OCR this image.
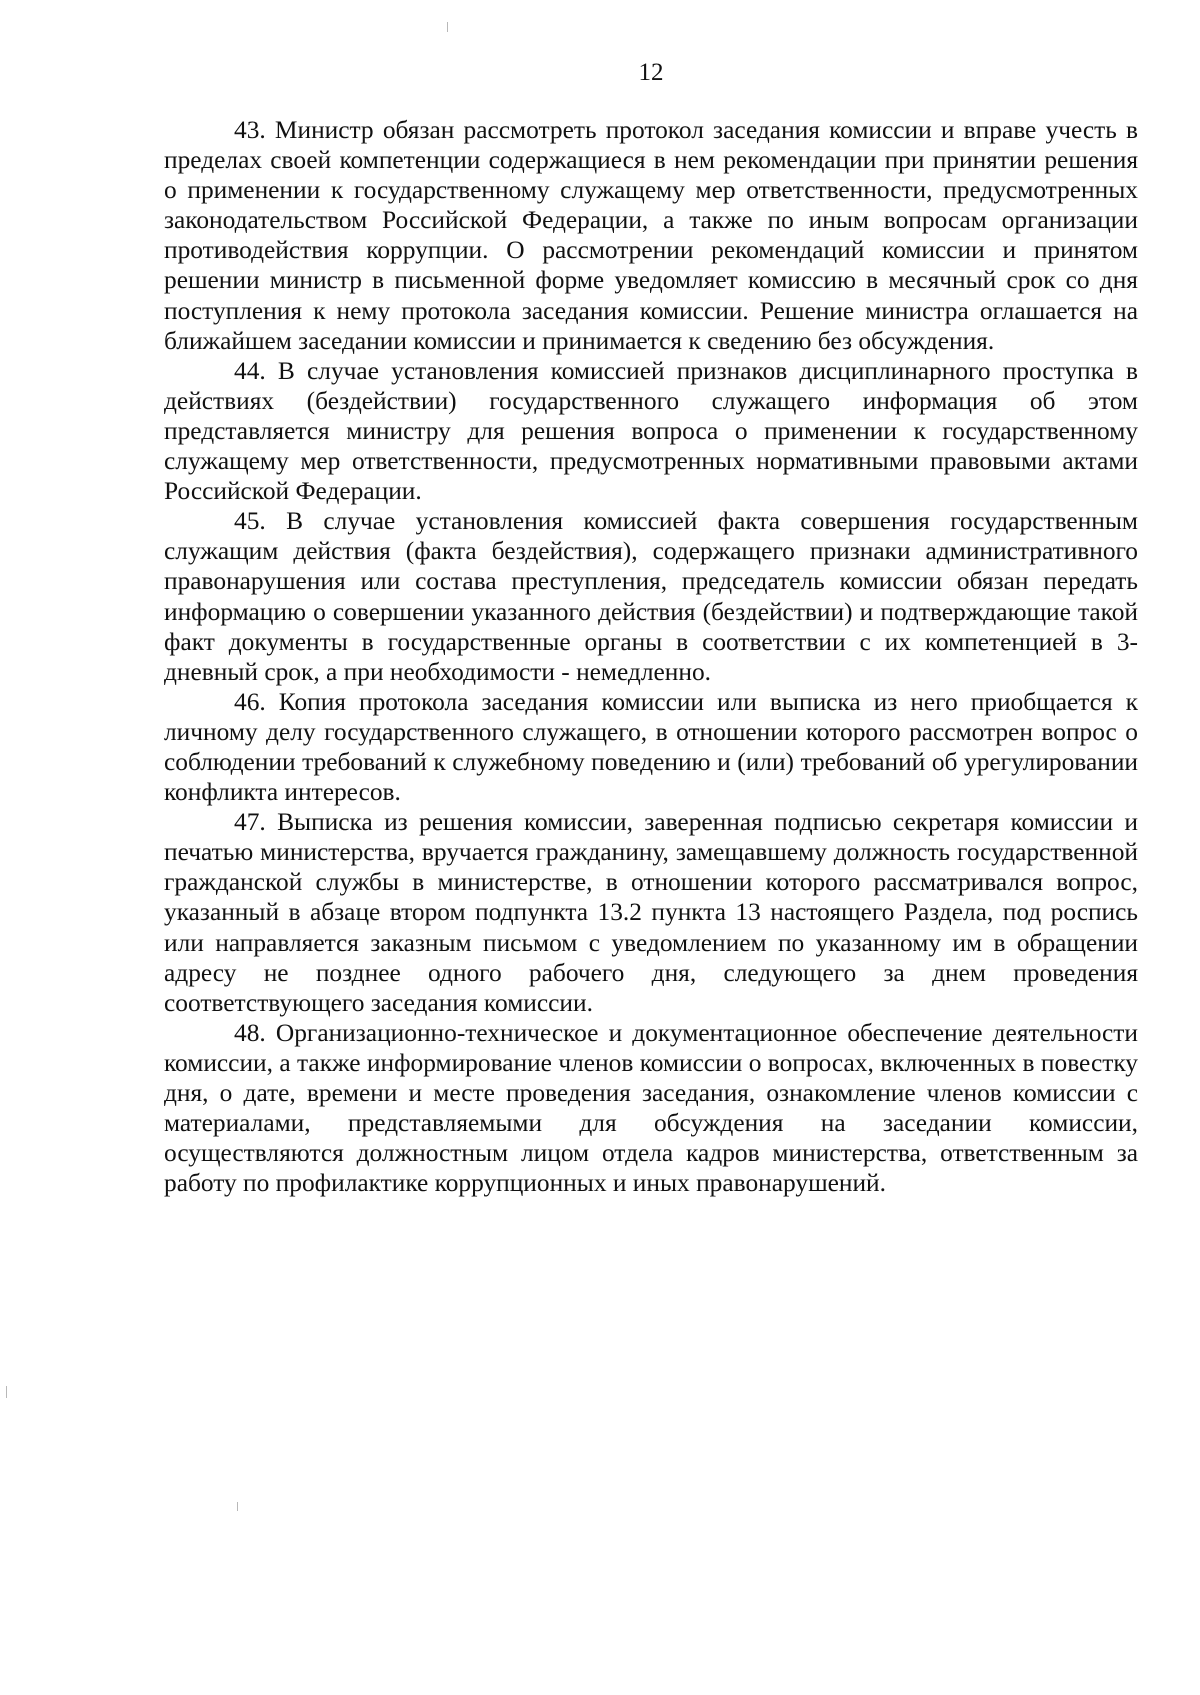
12

43. Министр обязан рассмотреть протокол заседания комиссии и вправе учесть в пределах своей компетенции содержащиеся в нем рекомендации при принятии решения о применении к государственному служащему мер ответственности, предусмотренных законодательством Российской Федерации, а также по иным вопросам организации противодействия коррупции. О рассмотрении рекомендаций комиссии и принятом решении министр в письменной форме уведомляет комиссию в месячный срок со дня поступления к нему протокола заседания комиссии. Решение министра оглашается на ближайшем заседании комиссии и принимается к сведению без обсуждения.

44. В случае установления комиссией признаков дисциплинарного проступка в действиях (бездействии) государственного служащего информация об этом представляется министру для решения вопроса о применении к государственному служащему мер ответственности, предусмотренных нормативными правовыми актами Российской Федерации.

45. В случае установления комиссией факта совершения государственным служащим действия (факта бездействия), содержащего признаки административного правонарушения или состава преступления, председатель комиссии обязан передать информацию о совершении указанного действия (бездействии) и подтверждающие такой факт документы в государственные органы в соответствии с их компетенцией в 3-дневный срок, а при необходимости - немедленно.

46. Копия протокола заседания комиссии или выписка из него приобщается к личному делу государственного служащего, в отношении которого рассмотрен вопрос о соблюдении требований к служебному поведению и (или) требований об урегулировании конфликта интересов.

47. Выписка из решения комиссии, заверенная подписью секретаря комиссии и печатью министерства, вручается гражданину, замещавшему должность государственной гражданской службы в министерстве, в отношении которого рассматривался вопрос, указанный в абзаце втором подпункта 13.2 пункта 13 настоящего Раздела, под роспись или направляется заказным письмом с уведомлением по указанному им в обращении адресу не позднее одного рабочего дня, следующего за днем проведения соответствующего заседания комиссии.

48. Организационно-техническое и документационное обеспечение деятельности комиссии, а также информирование членов комиссии о вопросах, включенных в повестку дня, о дате, времени и месте проведения заседания, ознакомление членов комиссии с материалами, представляемыми для обсуждения на заседании комиссии, осуществляются должностным лицом отдела кадров министерства, ответственным за работу по профилактике коррупционных и иных правонарушений.
